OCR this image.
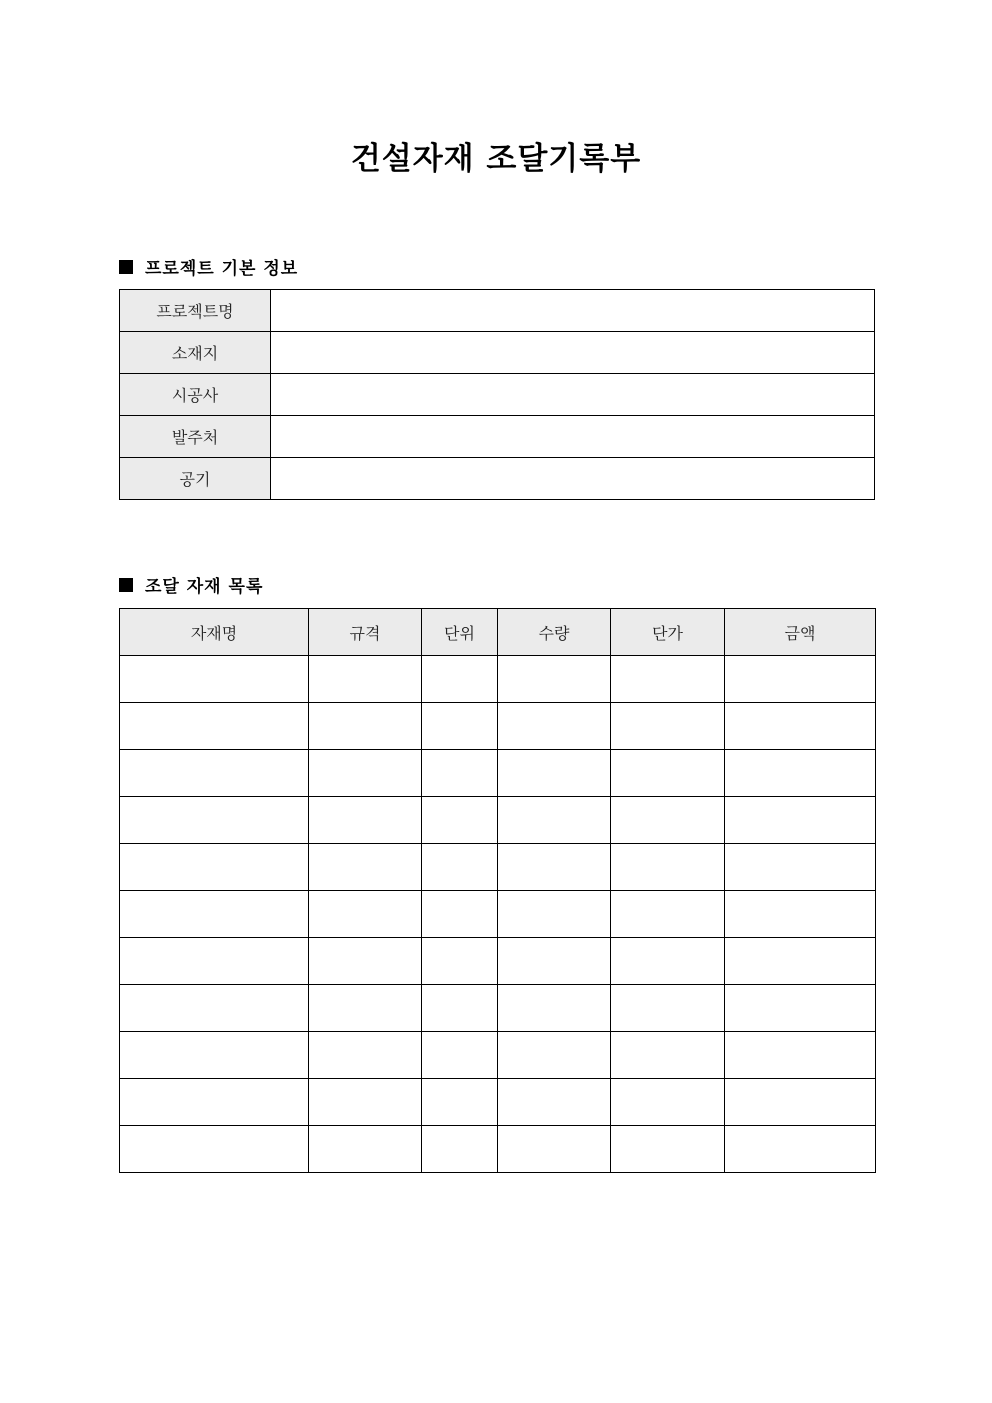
건설자재 조달기록부
프로젝트 기본 정보
프로젝트명	
소재지	
시공사	
발주처	
공기	
조달 자재 목록
자재명	규격	단위	수량	단가	금액
